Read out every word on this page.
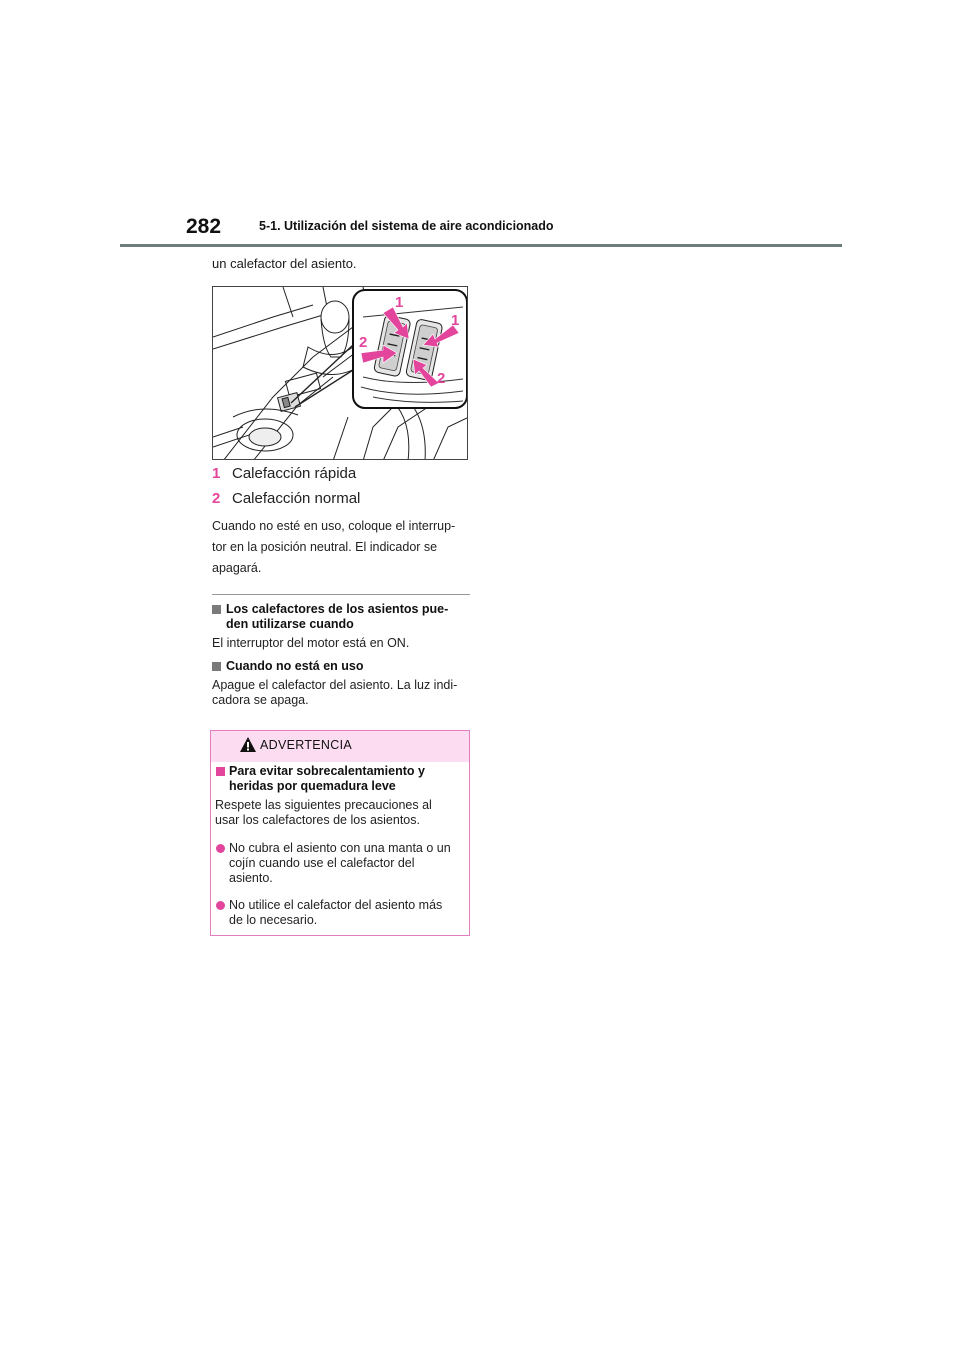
282	5-1. Utilización del sistema de aire acondicionado
un calefactor del asiento.
1
1
2
2
1 Calefacción rápida
2 Calefacción normal
Cuando no esté en uso, coloque el interrup-
tor en la posición neutral. El indicador se
apagará.
Los calefactores de los asientos pue-
den utilizarse cuando
El interruptor del motor está en ON.
Cuando no está en uso
Apague el calefactor del asiento. La luz indi-
cadora se apaga.
ADVERTENCIA
Para evitar sobrecalentamiento y
heridas por quemadura leve
Respete las siguientes precauciones al
usar los calefactores de los asientos.
No cubra el asiento con una manta o un
cojín cuando use el calefactor del
asiento.
No utilice el calefactor del asiento más
de lo necesario.
